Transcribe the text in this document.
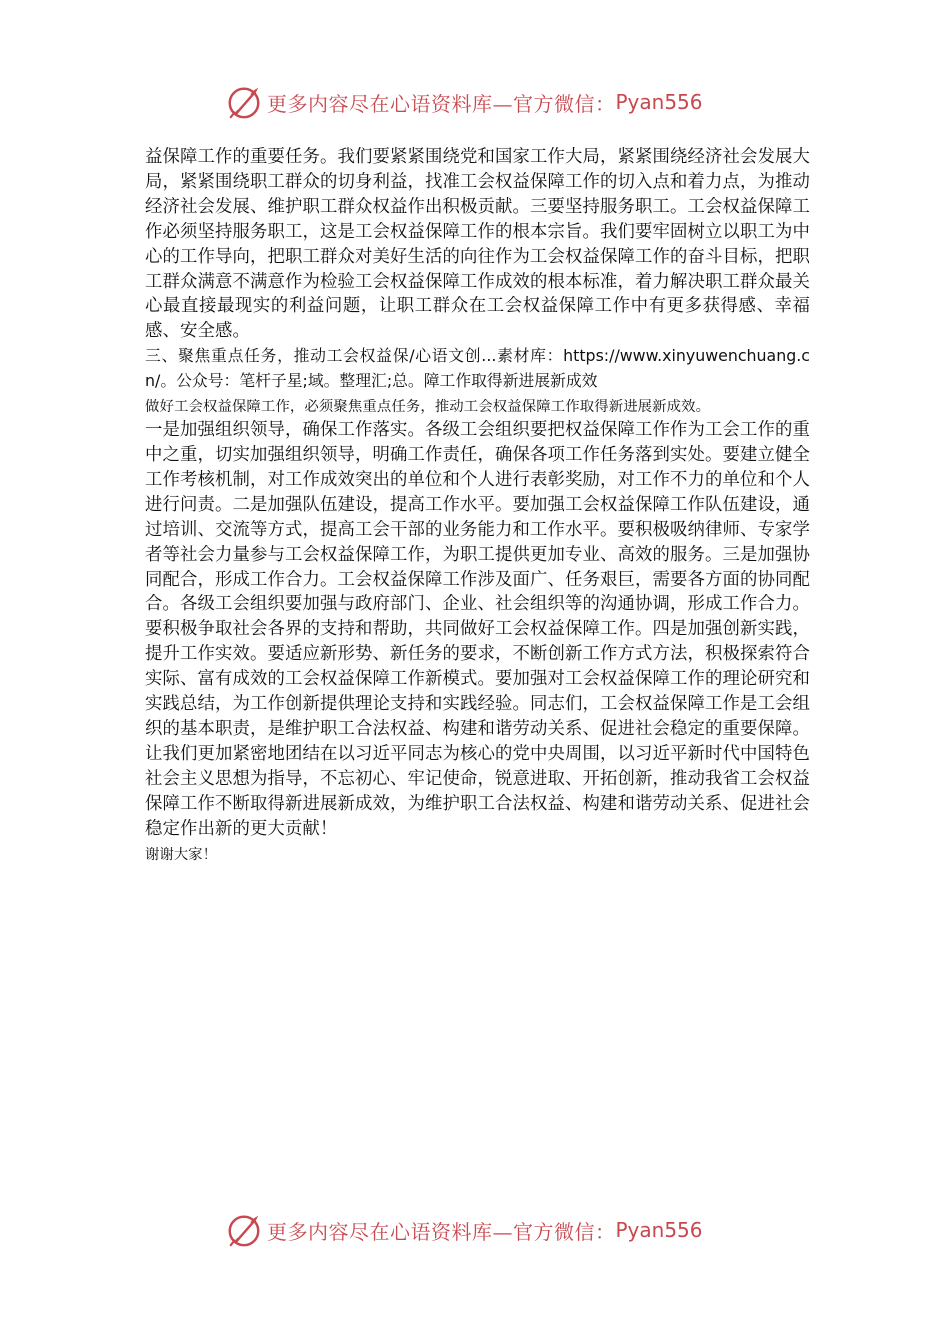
更多内容尽在心语资料库—官方微信： Pyan556

益保障工作的重要任务。我们要紧紧围绕党和国家工作大局，紧紧围绕经济社会发展大局，紧紧围绕职工群众的切身利益，找准工会权益保障工作的切入点和着力点，为推动经济社会发展、维护职工群众权益作出积极贡献。三要坚持服务职工。工会权益保障工作必须坚持服务职工，这是工会权益保障工作的根本宗旨。我们要牢固树立以职工为中心的工作导向，把职工群众对美好生活的向往作为工会权益保障工作的奋斗目标，把职工群众满意不满意作为检验工会权益保障工作成效的根本标准，着力解决职工群众最关心最直接最现实的利益问题，让职工群众在工会权益保障工作中有更多获得感、幸福感、安全感。

三、聚焦重点任务，推动工会权益保/心语文创...素材库：https://www.xinyuwenchuang.cn/。公众号：笔杆子星;域。整理汇;总。障工作取得新进展新成效

做好工会权益保障工作，必须聚焦重点任务，推动工会权益保障工作取得新进展新成效。

一是加强组织领导，确保工作落实。各级工会组织要把权益保障工作作为工会工作的重中之重，切实加强组织领导，明确工作责任，确保各项工作任务落到实处。要建立健全工作考核机制，对工作成效突出的单位和个人进行表彰奖励，对工作不力的单位和个人进行问责。二是加强队伍建设，提高工作水平。要加强工会权益保障工作队伍建设，通过培训、交流等方式，提高工会干部的业务能力和工作水平。要积极吸纳律师、专家学者等社会力量参与工会权益保障工作，为职工提供更加专业、高效的服务。三是加强协同配合，形成工作合力。工会权益保障工作涉及面广、任务艰巨，需要各方面的协同配合。各级工会组织要加强与政府部门、企业、社会组织等的沟通协调，形成工作合力。要积极争取社会各界的支持和帮助，共同做好工会权益保障工作。四是加强创新实践，提升工作实效。要适应新形势、新任务的要求，不断创新工作方式方法，积极探索符合实际、富有成效的工会权益保障工作新模式。要加强对工会权益保障工作的理论研究和实践总结，为工作创新提供理论支持和实践经验。同志们，工会权益保障工作是工会组织的基本职责，是维护职工合法权益、构建和谐劳动关系、促进社会稳定的重要保障。让我们更加紧密地团结在以习近平同志为核心的党中央周围，以习近平新时代中国特色社会主义思想为指导，不忘初心、牢记使命，锐意进取、开拓创新，推动我省工会权益保障工作不断取得新进展新成效，为维护职工合法权益、构建和谐劳动关系、促进社会稳定作出新的更大贡献！

谢谢大家！

更多内容尽在心语资料库—官方微信： Pyan556
